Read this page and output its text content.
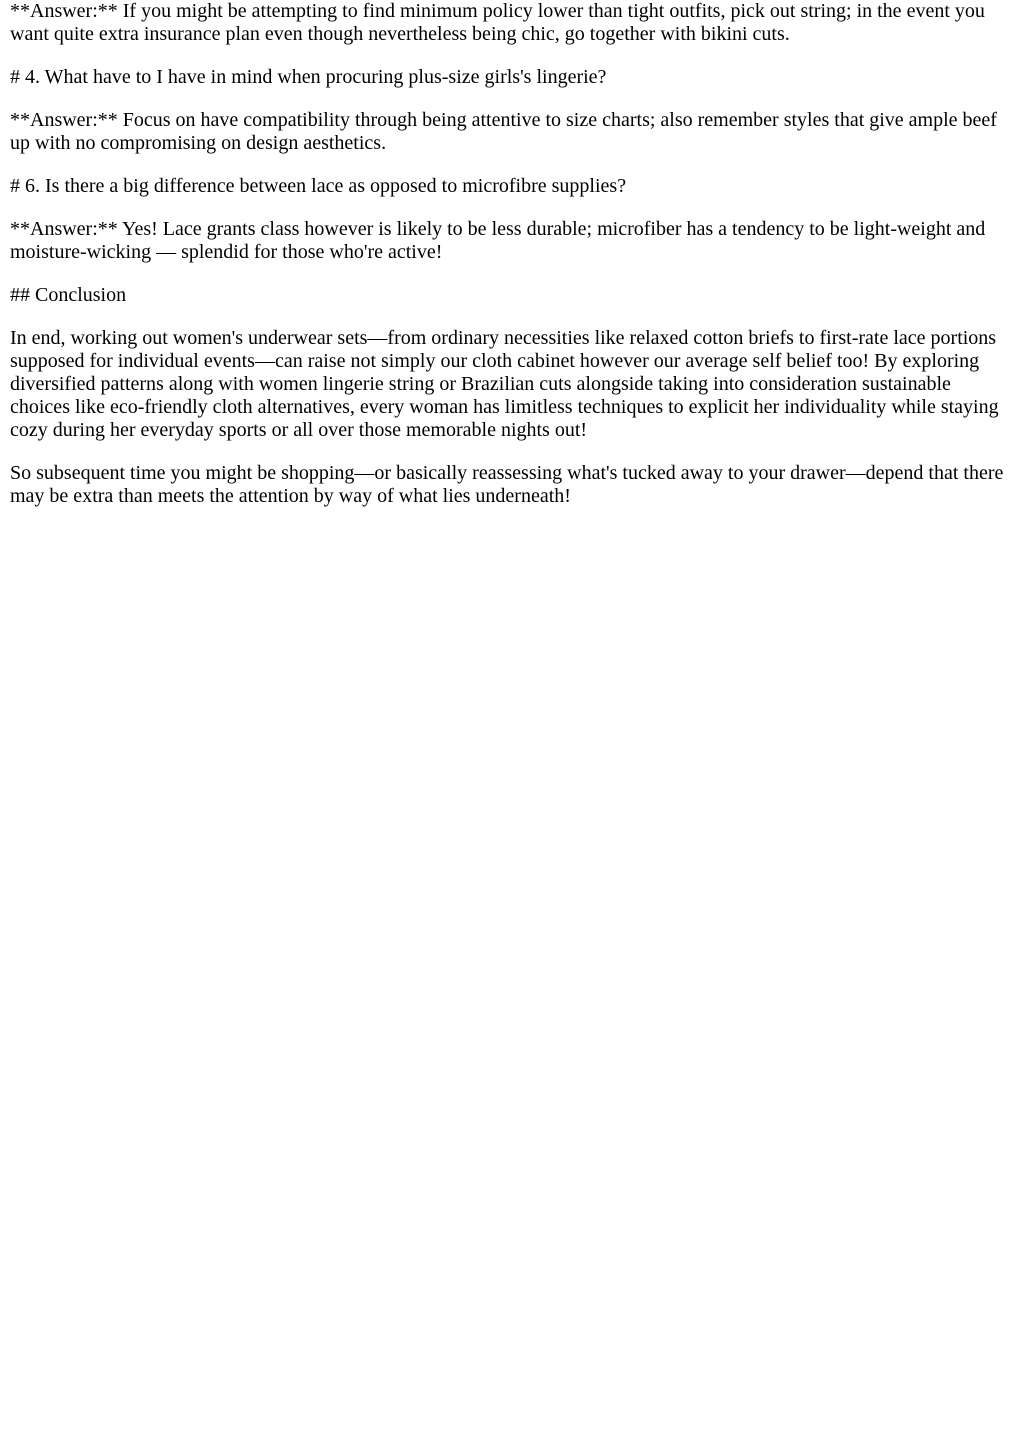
**Answer:** If you might be attempting to find minimum policy lower than tight outfits, pick out string; in the event you want quite extra insurance plan even though nevertheless being chic, go together with bikini cuts.

# 4. What have to I have in mind when procuring plus-size girls's lingerie?

**Answer:** Focus on have compatibility through being attentive to size charts; also remember styles that give ample beef up with no compromising on design aesthetics.

# 6. Is there a big difference between lace as opposed to microfibre supplies?

**Answer:** Yes! Lace grants class however is likely to be less durable; microfiber has a tendency to be light-weight and moisture-wicking — splendid for those who're active!

## Conclusion

In end, working out women's underwear sets—from ordinary necessities like relaxed cotton briefs to first-rate lace portions supposed for individual events—can raise not simply our cloth cabinet however our average self belief too! By exploring diversified patterns along with women lingerie string or Brazilian cuts alongside taking into consideration sustainable choices like eco-friendly cloth alternatives, every woman has limitless techniques to explicit her individuality while staying cozy during her everyday sports or all over those memorable nights out!

So subsequent time you might be shopping—or basically reassessing what's tucked away to your drawer—depend that there may be extra than meets the attention by way of what lies underneath!
